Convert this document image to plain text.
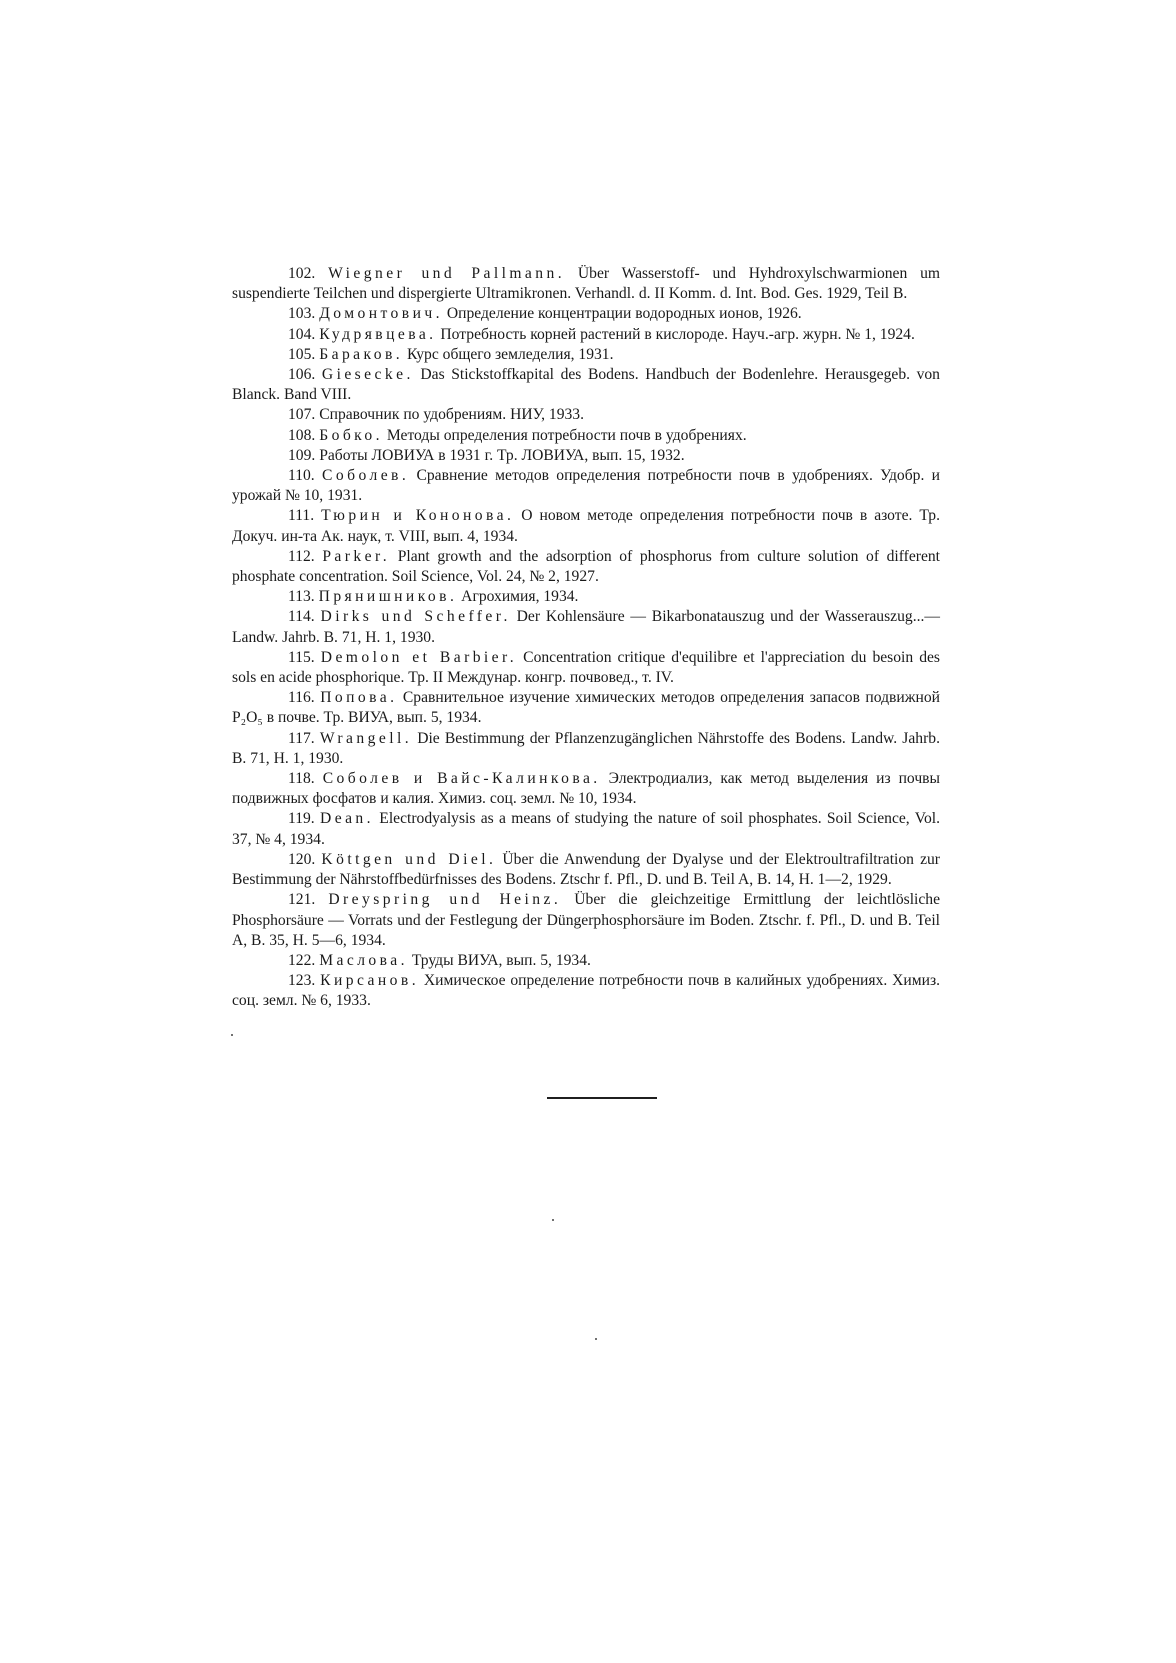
102. Wiegner und Pallmann. Über Wasserstoff- und Hyhdroxylschwarmionen um suspendierte Teilchen und dispergierte Ultramikronen. Verhandl. d. II Komm. d. Int. Bod. Ges. 1929, Teil B.

103. Домонтович. Определение концентрации водородных ионов, 1926.

104. Кудрявцева. Потребность корней растений в кислороде. Науч.-агр. журн. № 1, 1924.

105. Бараков. Курс общего земледелия, 1931.

106. Giesecke. Das Stickstoffkapital des Bodens. Handbuch der Bodenlehre. Herausgegeb. von Blanck. Band VIII.

107. Справочник по удобрениям. НИУ, 1933.

108. Бобко. Методы определения потребности почв в удобрениях.

109. Работы ЛОВИУА в 1931 г. Тр. ЛОВИУА, вып. 15, 1932.

110. Соболев. Сравнение методов определения потребности почв в удобрениях. Удобр. и урожай № 10, 1931.

111. Тюрин и Кононова. О новом методе определения потребности почв в азоте. Тр. Докуч. ин-та Ак. наук, т. VIII, вып. 4, 1934.

112. Parker. Plant growth and the adsorption of phosphorus from culture solution of different phosphate concentration. Soil Science, Vol. 24, № 2, 1927.

113. Прянишников. Агрохимия, 1934.

114. Dirks und Scheffer. Der Kohlensäure — Bikarbonatauszug und der Wasserauszug...— Landw. Jahrb. B. 71, H. 1, 1930.

115. Demolon et Barbier. Concentration critique d'equilibre et l'appreciation du besoin des sols en acide phosphorique. Тр. II Междунар. конгр. почвовед., т. IV.

116. Попова. Сравнительное изучение химических методов определения запасов подвижной P₂O₅ в почве. Тр. ВИУА, вып. 5, 1934.

117. Wrangell. Die Bestimmung der Pflanzenzugänglichen Nährstoffe des Bodens. Landw. Jahrb. B. 71, H. 1, 1930.

118. Соболев и Вайс-Калинкова. Электродиализ, как метод выделения из почвы подвижных фосфатов и калия. Химиз. соц. земл. № 10, 1934.

119. Dean. Electrodyalysis as a means of studying the nature of soil phosphates. Soil Science, Vol. 37, № 4, 1934.

120. Köttgen und Diel. Über die Anwendung der Dyalyse und der Elektroultrafiltration zur Bestimmung der Nährstoffbedürfnisses des Bodens. Ztschr f. Pfl., D. und B. Teil A, B. 14, H. 1—2, 1929.

121. Dreyspring und Heinz. Über die gleichzeitige Ermittlung der leichtlösliche Phosphorsäure — Vorrats und der Festlegung der Düngerphosphorsäure im Boden. Ztschr. f. Pfl., D. und B. Teil A, B. 35, H. 5—6, 1934.

122. Маслова. Труды ВИУА, вып. 5, 1934.

123. Кирсанов. Химическое определение потребности почв в калийных удобрениях. Химиз. соц. земл. № 6, 1933.
